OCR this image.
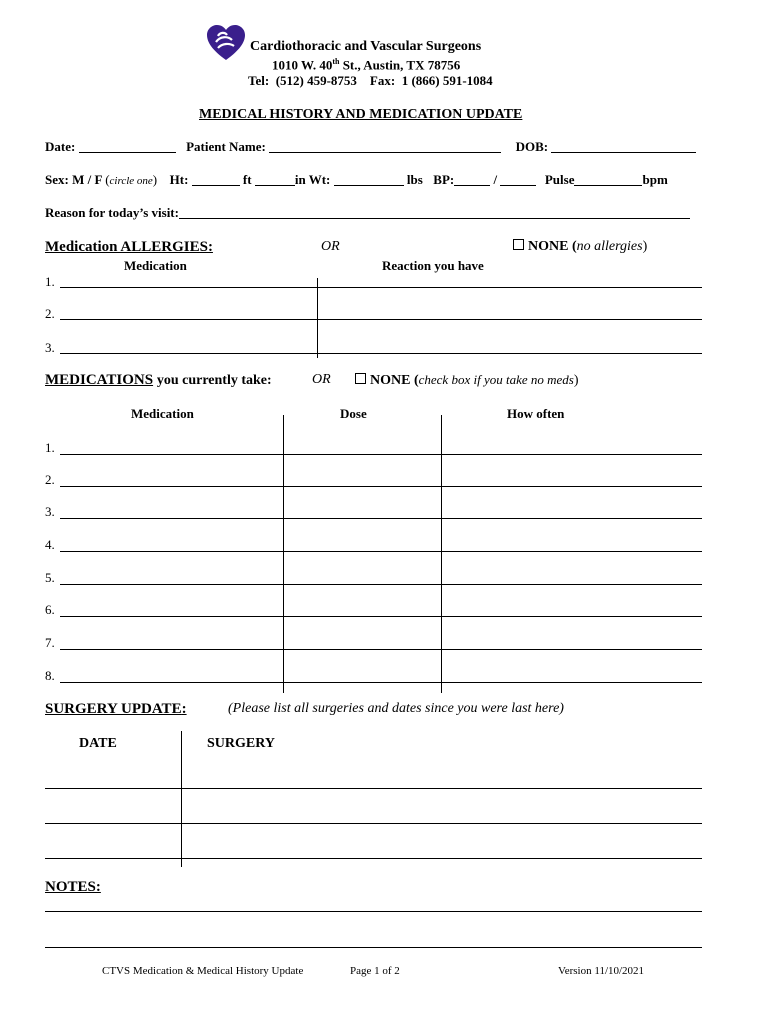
Cardiothoracic and Vascular Surgeons
1010 W. 40th St., Austin, TX 78756
Tel:  (512) 459-8753    Fax:  1 (866) 591-1084
MEDICAL HISTORY AND MEDICATION UPDATE
Date:	Patient Name:	DOB:
Sex: M / F (circle one) Ht:	ft	in Wt:	lbs BP:	/	Pulse	bpm
Reason for today’s visit:
Medication ALLERGIES:	OR	NONE (no allergies)
Medication	Reaction you have
1.
2.
3.
MEDICATIONS you currently take:	OR	NONE (check box if you take no meds)
Medication	Dose	How often
1.
2.
3.
4.
5.
6.
7.
8.
SURGERY UPDATE:	(Please list all surgeries and dates since you were last here)
DATE	SURGERY
NOTES:
CTVS Medication & Medical History Update	Page 1 of 2	Version 11/10/2021
